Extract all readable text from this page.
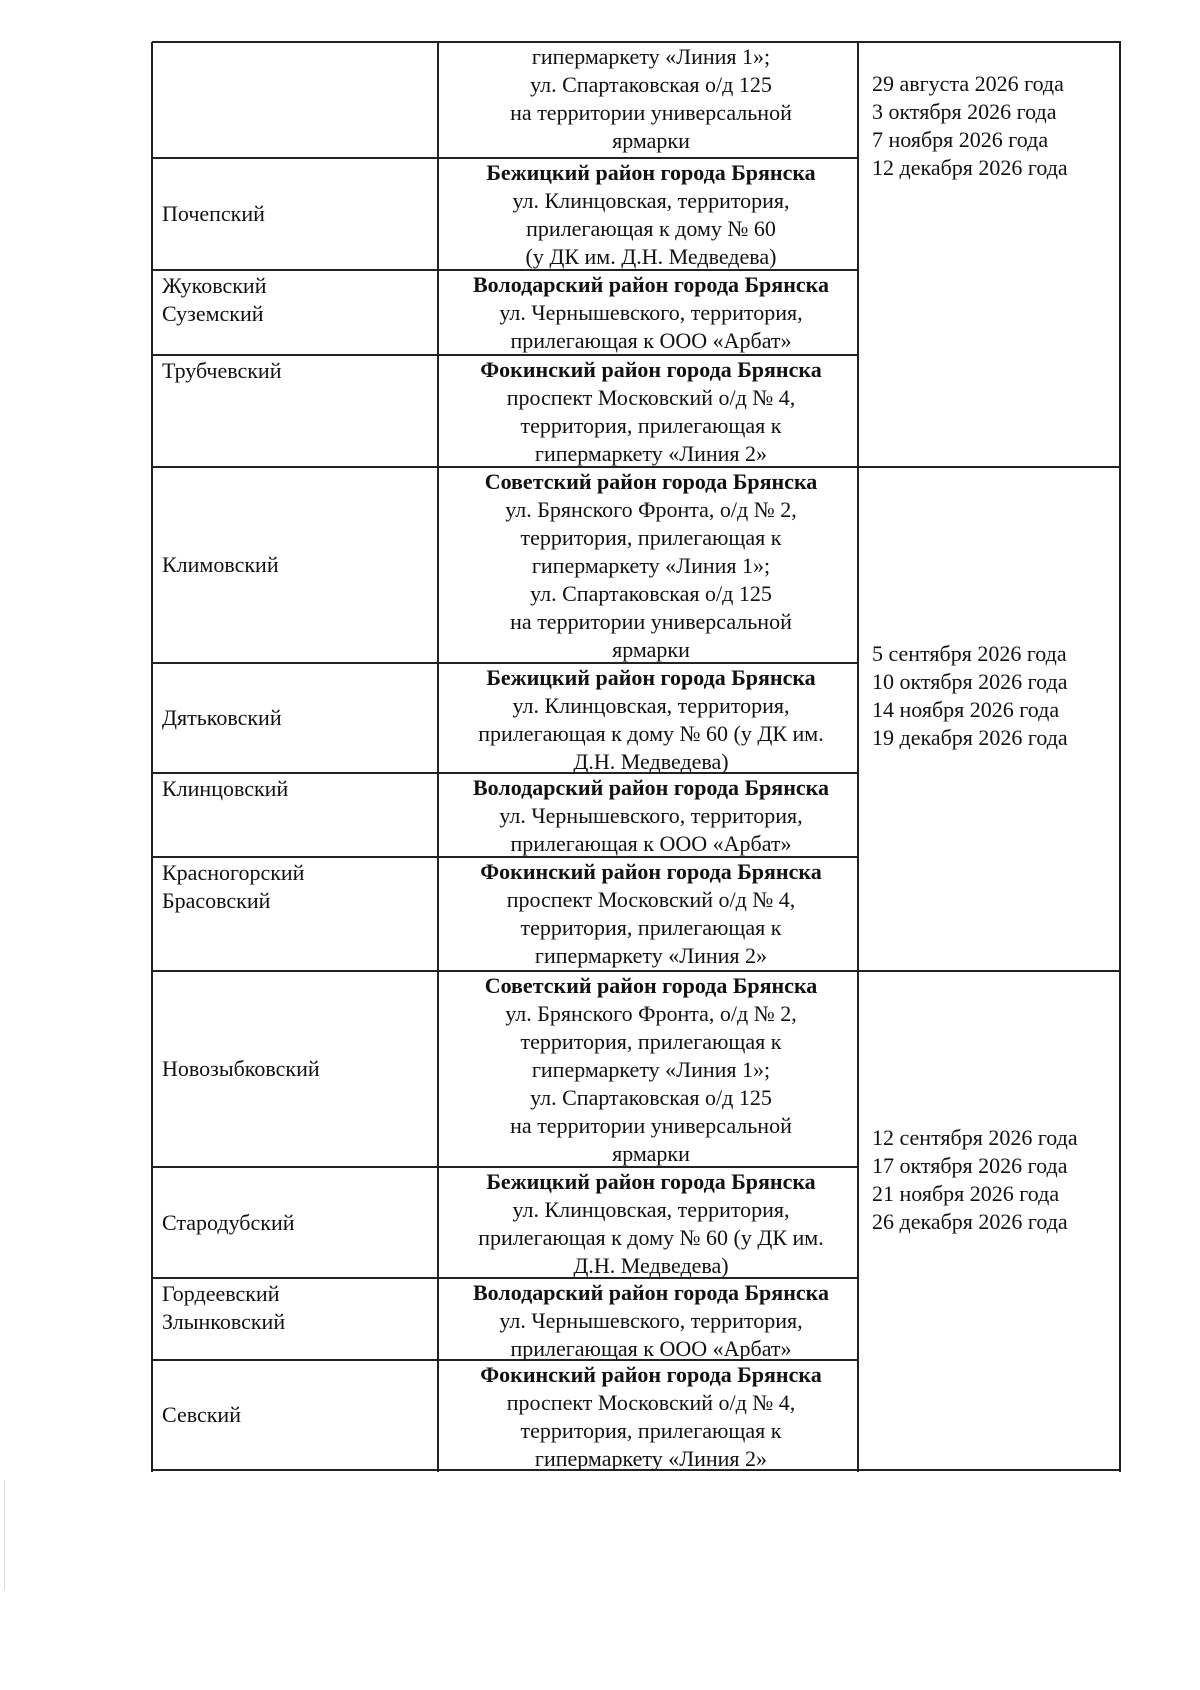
гипермаркету «Линия 1»;
ул. Спартаковская о/д 125
на территории универсальной
ярмарки
Почепский
Бежицкий район города Брянска
ул. Клинцовская, территория,
прилегающая к дому № 60
(у ДК им. Д.Н. Медведева)
Жуковский
Суземский
Володарский район города Брянска
ул. Чернышевского, территория,
прилегающая к ООО «Арбат»
Трубчевский	Фокинский район города Брянска
проспект Московский о/д № 4,
территория, прилегающая к
гипермаркету «Линия 2»
Климовский
Советский район города Брянска
ул. Брянского Фронта, о/д № 2,
территория, прилегающая к
гипермаркету «Линия 1»;
ул. Спартаковская о/д 125
на территории универсальной
ярмарки
Дятьковский
Бежицкий район города Брянска
ул. Клинцовская, территория,
прилегающая к дому № 60 (у ДК им.
Д.Н. Медведева)
Клинцовский	Володарский район города Брянска
ул. Чернышевского, территория,
прилегающая к ООО «Арбат»
Красногорский
Брасовский
Фокинский район города Брянска
проспект Московский о/д № 4,
территория, прилегающая к
гипермаркету «Линия 2»
Новозыбковский
Советский район города Брянска
ул. Брянского Фронта, о/д № 2,
территория, прилегающая к
гипермаркету «Линия 1»;
ул. Спартаковская о/д 125
на территории универсальной
ярмарки
Стародубский
Бежицкий район города Брянска
ул. Клинцовская, территория,
прилегающая к дому № 60 (у ДК им.
Д.Н. Медведева)
Гордеевский
Злынковский
Володарский район города Брянска
ул. Чернышевского, территория,
прилегающая к ООО «Арбат»
Севский
Фокинский район города Брянска
проспект Московский о/д № 4,
территория, прилегающая к
гипермаркету «Линия 2»
29 августа 2026 года
3 октября 2026 года
7 ноября 2026 года
12 декабря 2026 года
5 сентября 2026 года
10 октября 2026 года
14 ноября 2026 года
19 декабря 2026 года
12 сентября 2026 года
17 октября 2026 года
21 ноября 2026 года
26 декабря 2026 года
